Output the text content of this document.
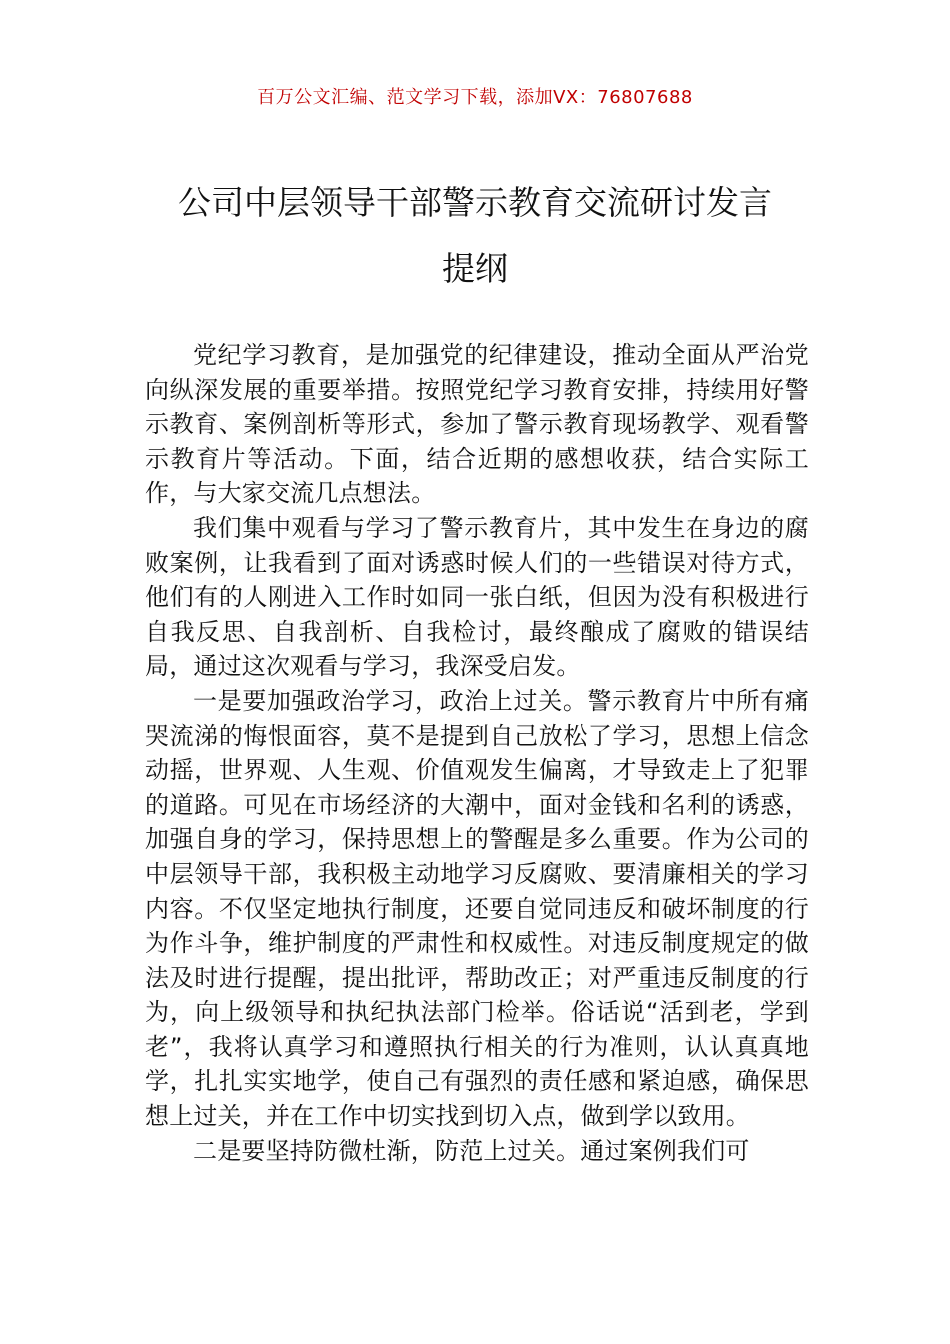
百万公文汇编、范文学习下载，添加VX：76807688
公司中层领导干部警示教育交流研讨发言
提纲

党纪学习教育，是加强党的纪律建设，推动全面从严治党向纵深发展的重要举措。按照党纪学习教育安排，持续用好警示教育、案例剖析等形式，参加了警示教育现场教学、观看警示教育片等活动。下面，结合近期的感想收获，结合实际工作，与大家交流几点想法。

我们集中观看与学习了警示教育片，其中发生在身边的腐败案例，让我看到了面对诱惑时候人们的一些错误对待方式，他们有的人刚进入工作时如同一张白纸，但因为没有积极进行自我反思、自我剖析、自我检讨，最终酿成了腐败的错误结局，通过这次观看与学习，我深受启发。

一是要加强政治学习，政治上过关。警示教育片中所有痛哭流涕的悔恨面容，莫不是提到自己放松了学习，思想上信念动摇，世界观、人生观、价值观发生偏离，才导致走上了犯罪的道路。可见在市场经济的大潮中，面对金钱和名利的诱惑，加强自身的学习，保持思想上的警醒是多么重要。作为公司的中层领导干部，我积极主动地学习反腐败、要清廉相关的学习内容。不仅坚定地执行制度，还要自觉同违反和破坏制度的行为作斗争，维护制度的严肃性和权威性。对违反制度规定的做法及时进行提醒，提出批评，帮助改正；对严重违反制度的行为，向上级领导和执纪执法部门检举。俗话说“活到老，学到老”，我将认真学习和遵照执行相关的行为准则，认认真真地学，扎扎实实地学，使自己有强烈的责任感和紧迫感，确保思想上过关，并在工作中切实找到切入点，做到学以致用。

二是要坚持防微杜渐，防范上过关。通过案例我们可
